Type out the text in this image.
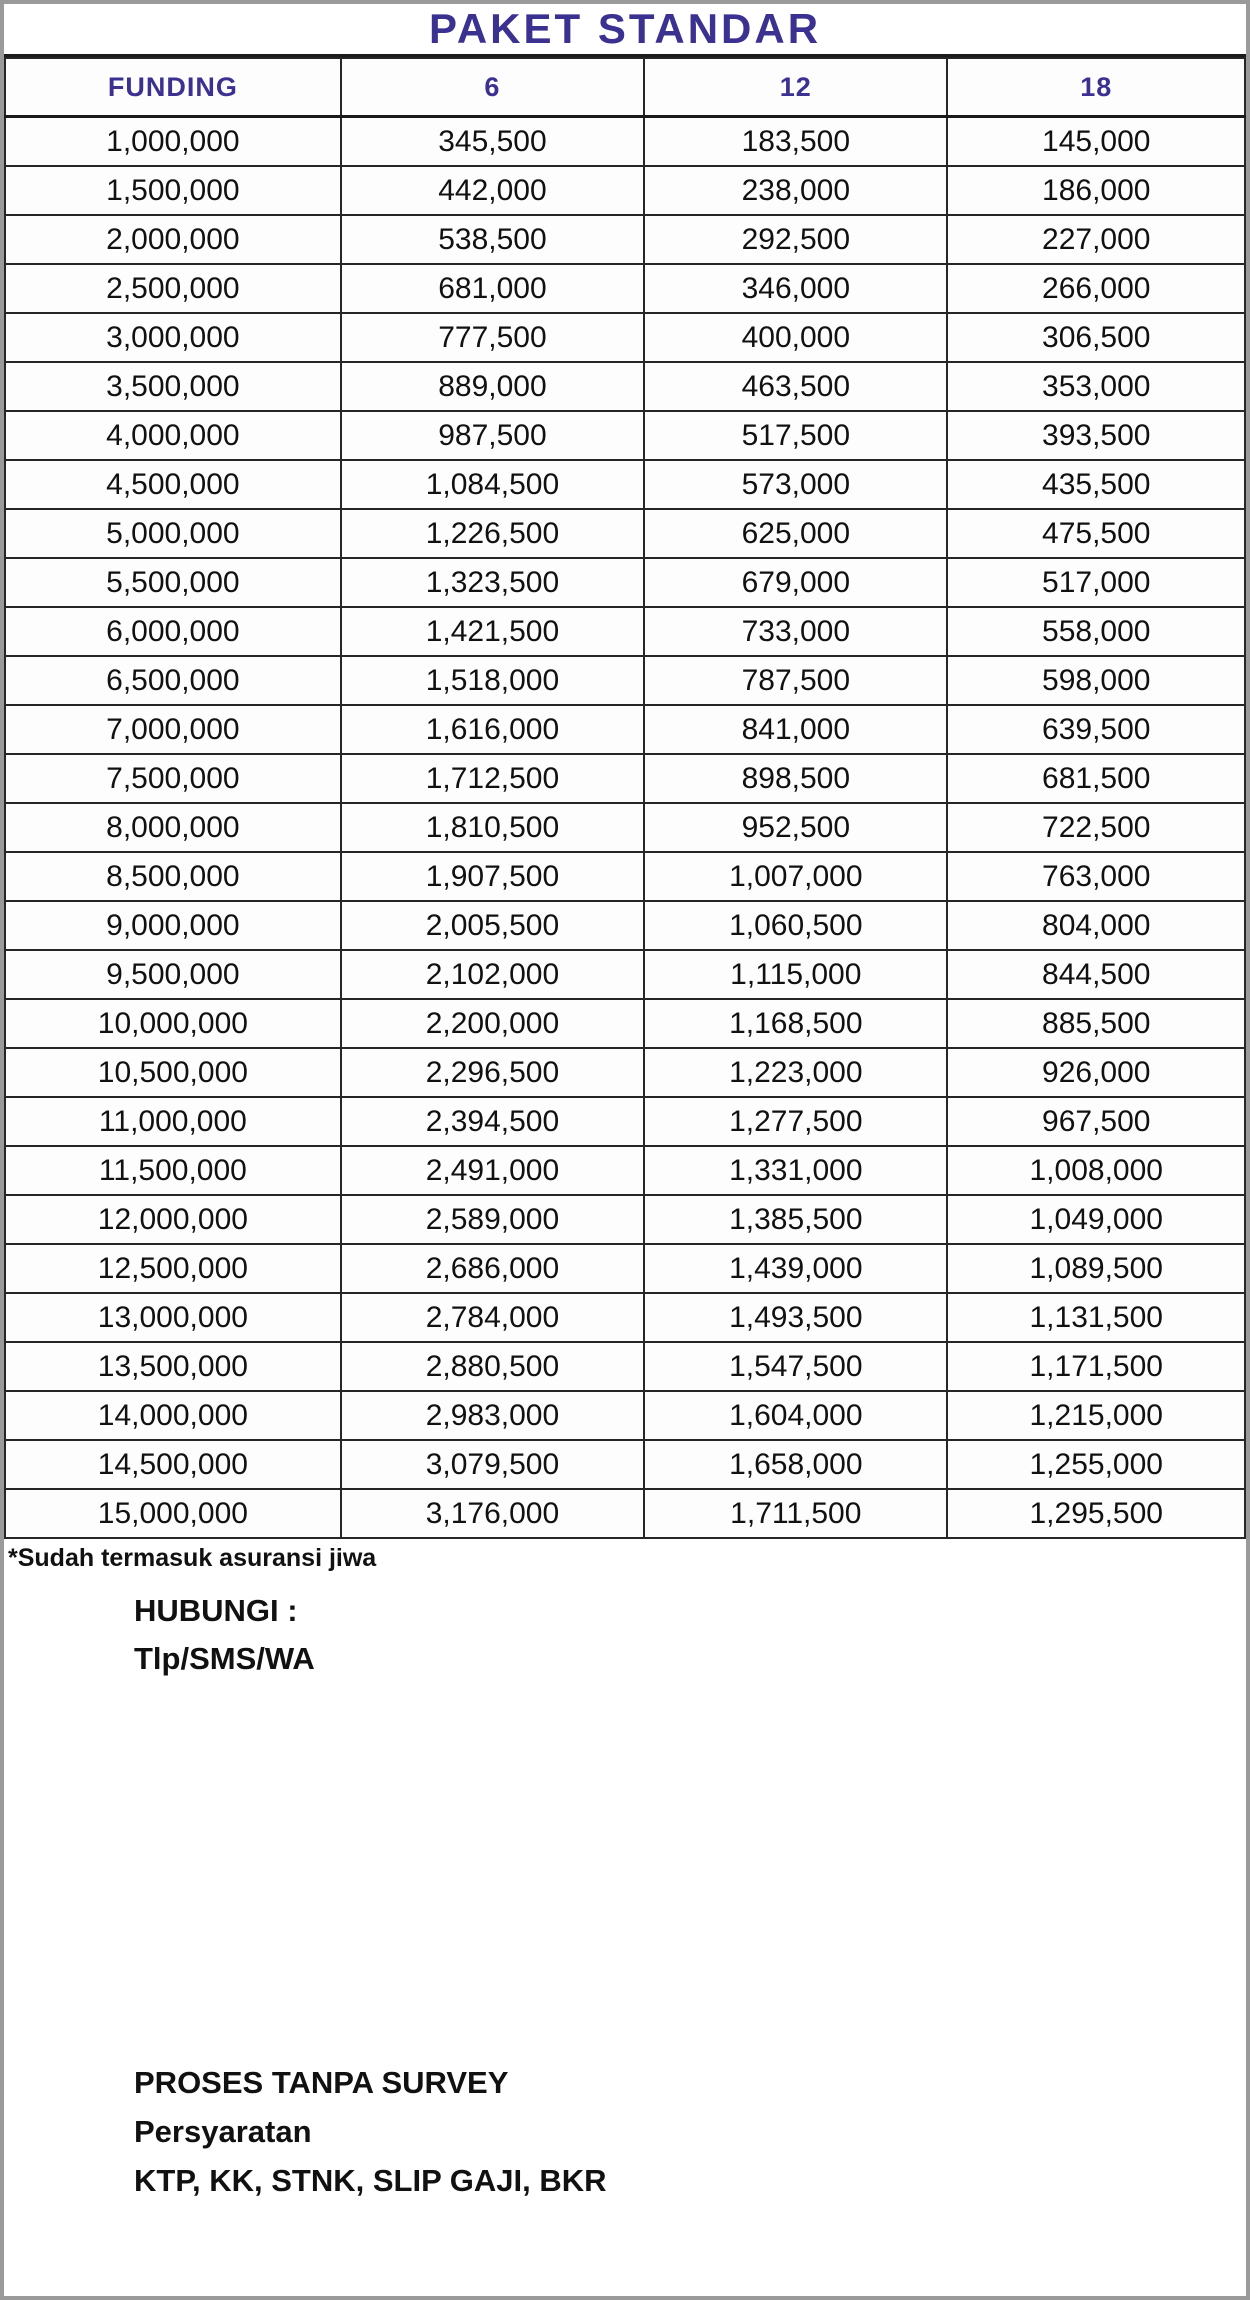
PAKET STANDAR
FUNDING	6	12	18
1,000,000	345,500	183,500	145,000
1,500,000	442,000	238,000	186,000
2,000,000	538,500	292,500	227,000
2,500,000	681,000	346,000	266,000
3,000,000	777,500	400,000	306,500
3,500,000	889,000	463,500	353,000
4,000,000	987,500	517,500	393,500
4,500,000	1,084,500	573,000	435,500
5,000,000	1,226,500	625,000	475,500
5,500,000	1,323,500	679,000	517,000
6,000,000	1,421,500	733,000	558,000
6,500,000	1,518,000	787,500	598,000
7,000,000	1,616,000	841,000	639,500
7,500,000	1,712,500	898,500	681,500
8,000,000	1,810,500	952,500	722,500
8,500,000	1,907,500	1,007,000	763,000
9,000,000	2,005,500	1,060,500	804,000
9,500,000	2,102,000	1,115,000	844,500
10,000,000	2,200,000	1,168,500	885,500
10,500,000	2,296,500	1,223,000	926,000
11,000,000	2,394,500	1,277,500	967,500
11,500,000	2,491,000	1,331,000	1,008,000
12,000,000	2,589,000	1,385,500	1,049,000
12,500,000	2,686,000	1,439,000	1,089,500
13,000,000	2,784,000	1,493,500	1,131,500
13,500,000	2,880,500	1,547,500	1,171,500
14,000,000	2,983,000	1,604,000	1,215,000
14,500,000	3,079,500	1,658,000	1,255,000
15,000,000	3,176,000	1,711,500	1,295,500
*Sudah termasuk asuransi jiwa
HUBUNGI :
Tlp/SMS/WA
PROSES TANPA SURVEY
Persyaratan
KTP, KK, STNK, SLIP GAJI, BKR
